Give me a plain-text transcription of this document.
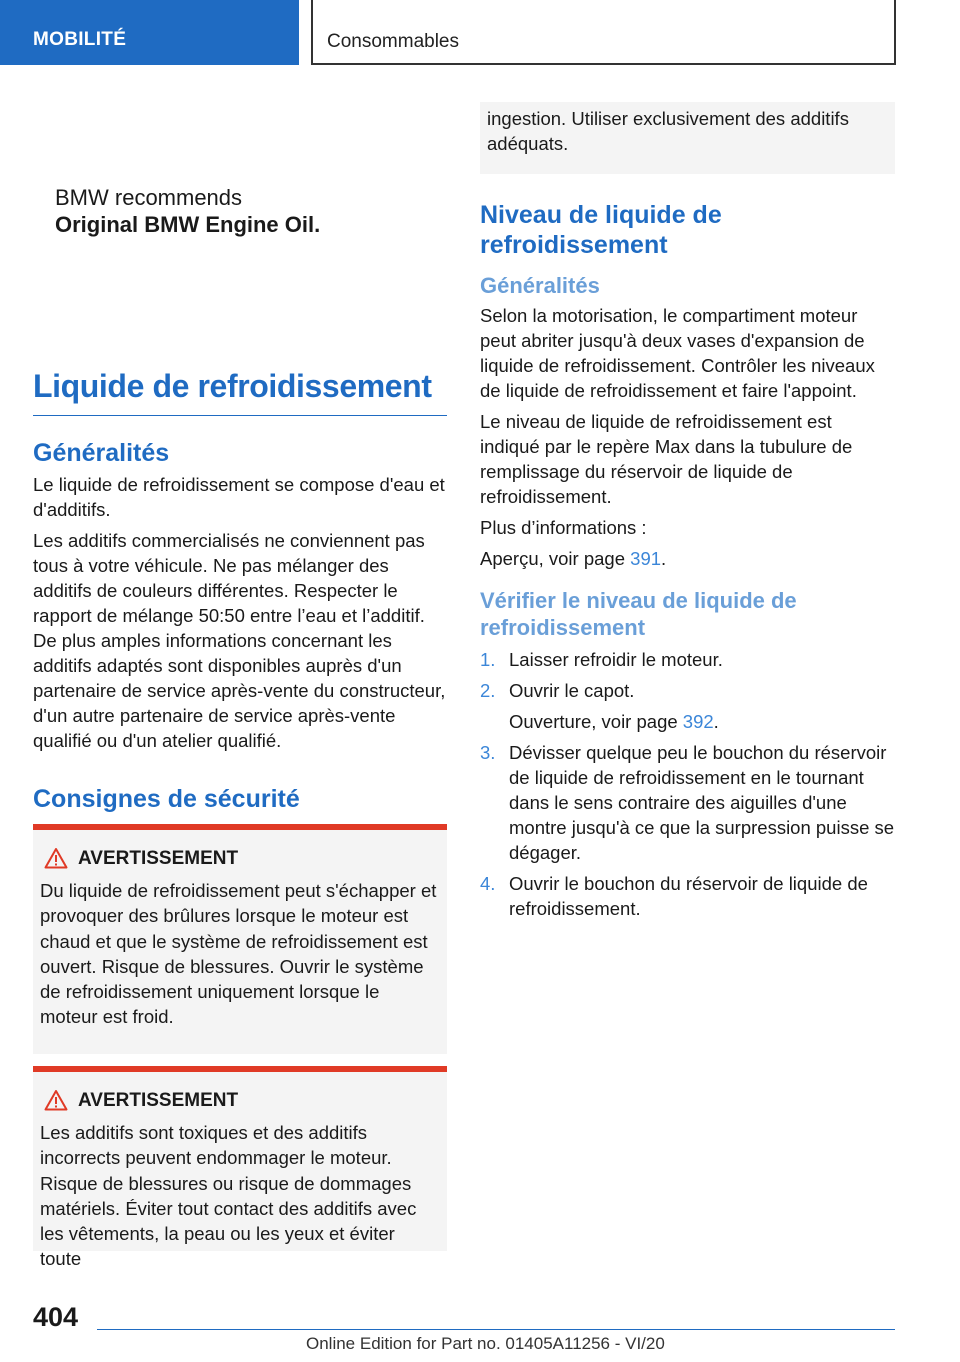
MOBILITÉ	Consommables
BMW recommends
Original BMW Engine Oil.
Liquide de refroidissement
Généralités

Le liquide de refroidissement se compose d'eau et d'additifs.

Les additifs commercialisés ne conviennent pas tous à votre véhicule. Ne pas mélanger des additifs de couleurs différentes. Respecter le rapport de mélange 50:50 entre l’eau et l’additif. De plus amples informations concernant les additifs adaptés sont disponibles auprès d'un partenaire de service après-vente du constructeur, d'un autre partenaire de service après-vente qualifié ou d'un atelier qualifié.

Consignes de sécurité
AVERTISSEMENT

Du liquide de refroidissement peut s'échapper et provoquer des brûlures lorsque le moteur est chaud et que le système de refroidissement est ouvert. Risque de blessures. Ouvrir le système de refroidissement uniquement lorsque le moteur est froid.

AVERTISSEMENT

Les additifs sont toxiques et des additifs incorrects peuvent endommager le moteur. Risque de blessures ou risque de dommages matériels. Éviter tout contact des additifs avec les vêtements, la peau ou les yeux et éviter toute

ingestion. Utiliser exclusivement des additifs adéquats.

Niveau de liquide de refroidissement
Généralités

Selon la motorisation, le compartiment moteur peut abriter jusqu'à deux vases d'expansion de liquide de refroidissement. Contrôler les niveaux de liquide de refroidissement et faire l'appoint.

Le niveau de liquide de refroidissement est indiqué par le repère Max dans la tubulure de remplissage du réservoir de liquide de refroidissement.

Plus d’informations :

Aperçu, voir page 391.

Vérifier le niveau de liquide de refroidissement
1. Laisser refroidir le moteur.
2. Ouvrir le capot.
Ouverture, voir page 392.
3. Dévisser quelque peu le bouchon du réservoir de liquide de refroidissement en le tournant dans le sens contraire des aiguilles d'une montre jusqu'à ce que la surpression puisse se dégager.
4. Ouvrir le bouchon du réservoir de liquide de refroidissement.
404
Online Edition for Part no. 01405A11256 - VI/20
